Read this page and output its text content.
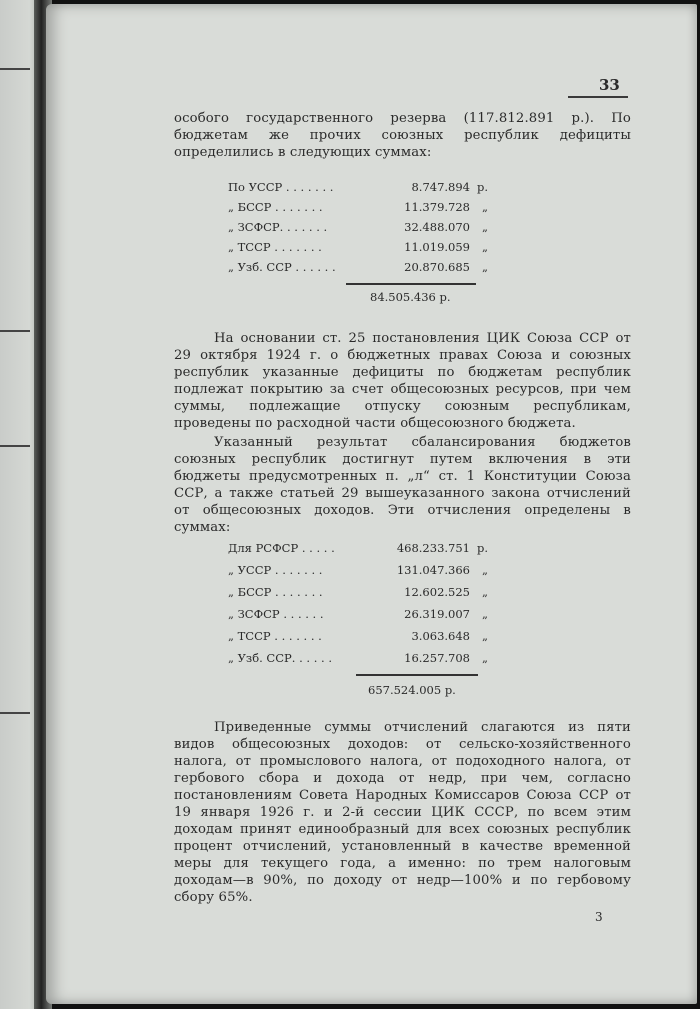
33

особого государственного резерва (117.812.891 р.). По бюджетам же прочих союзных республик дефициты определились в следующих суммах:

По УССР . . . . . . .	8.747.894 р.
„ БССР . . . . . . .	11.379.728 „
„ ЗСФСР. . . . . . .	32.488.070 „
„ ТССР . . . . . . .	11.019.059 „
„ Узб. ССР . . . . . .	20.870.685 „
84.505.436 р.

На основании ст. 25 постановления ЦИК Союза ССР от 29 октября 1924 г. о бюджетных правах Союза и союзных республик указанные дефициты по бюджетам республик подлежат покрытию за счет общесоюзных ресурсов, при чем суммы, подлежащие отпуску союзным республикам, проведены по расходной части общесоюзного бюджета.

Указанный результат сбалансирования бюджетов союзных республик достигнут путем включения в эти бюджеты предусмотренных п. „л“ ст. 1 Конституции Союза ССР, а также статьей 29 вышеуказанного закона отчислений от общесоюзных доходов. Эти отчисления определены в суммах:

Для РСФСР . . . . .	468.233.751 р.
„ УССР . . . . . . .	131.047.366 „
„ БССР . . . . . . .	12.602.525 „
„ ЗСФСР . . . . . .	26.319.007 „
„ ТССР . . . . . . .	3.063.648 „
„ Узб. ССР. . . . . .	16.257.708 „
657.524.005 р.

Приведенные суммы отчислений слагаются из пяти видов общесоюзных доходов: от сельско-хозяйственного налога, от промыслового налога, от подоходного налога, от гербового сбора и дохода от недр, при чем, согласно постановлениям Совета Народных Комиссаров Союза ССР от 19 января 1926 г. и 2-й сессии ЦИК СССР, по всем этим доходам принят единообразный для всех союзных республик процент отчислений, установленный в качестве временной меры для текущего года, а именно: по трем налоговым доходам—в 90%, по доходу от недр—100% и по гербовому сбору 65%.

3
